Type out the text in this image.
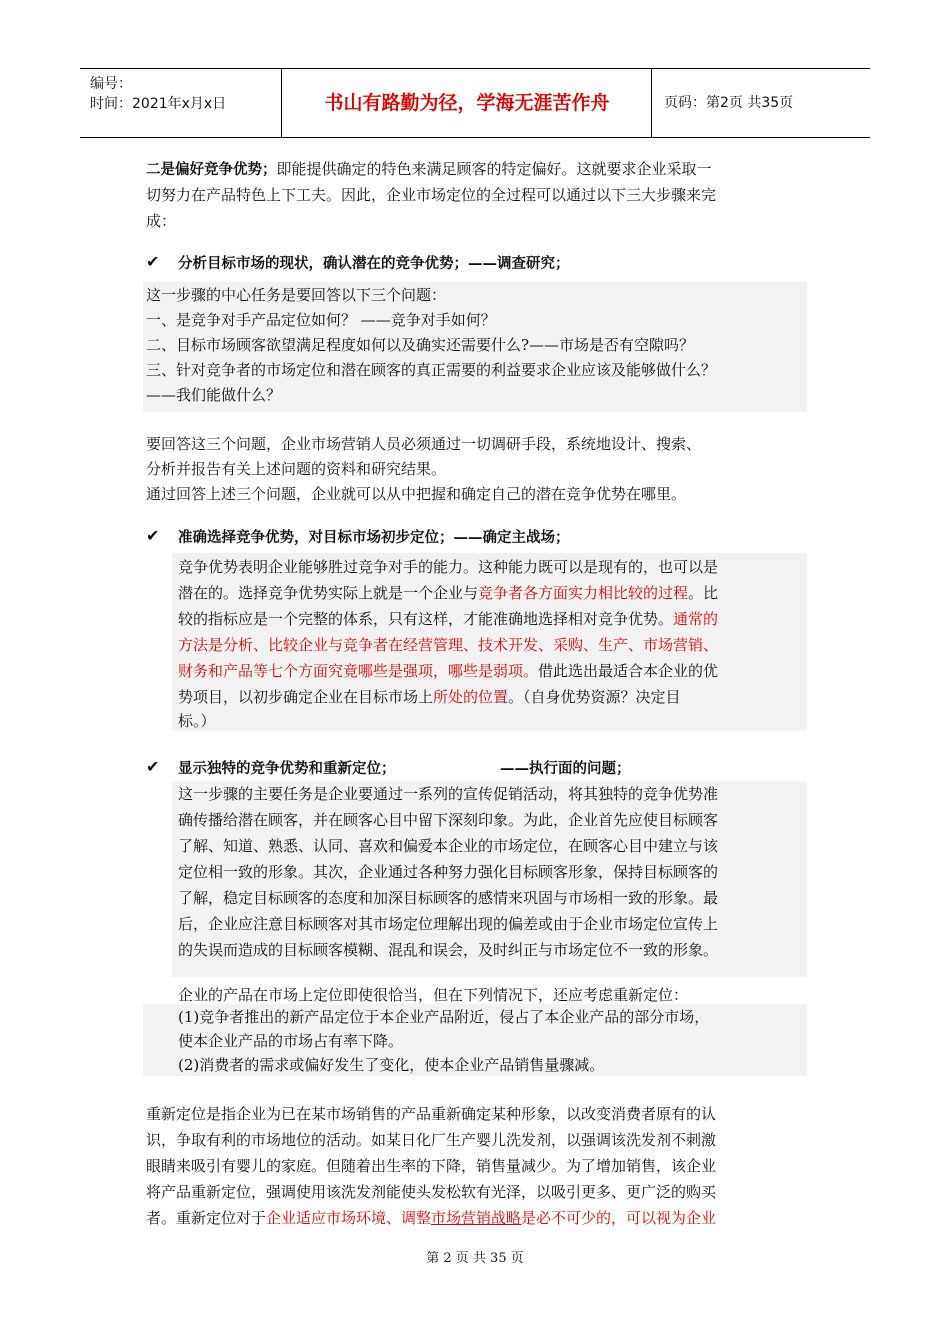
编号：
时间：2021年x月x日	书山有路勤为径，学海无涯苦作舟	页码：第2页 共35页
二是偏好竞争优势；即能提供确定的特色来满足顾客的特定偏好。这就要求企业采取一
切努力在产品特色上下工夫。因此，企业市场定位的全过程可以通过以下三大步骤来完
成：
✔ 分析目标市场的现状，确认潜在的竞争优势；——调查研究；
这一步骤的中心任务是要回答以下三个问题：
一、是竞争对手产品定位如何？ ——竞争对手如何？
二、目标市场顾客欲望满足程度如何以及确实还需要什么?——市场是否有空隙吗？
三、针对竞争者的市场定位和潜在顾客的真正需要的利益要求企业应该及能够做什么？
——我们能做什么？
要回答这三个问题，企业市场营销人员必须通过一切调研手段，系统地设计、搜索、
分析并报告有关上述问题的资料和研究结果。
通过回答上述三个问题，企业就可以从中把握和确定自己的潜在竞争优势在哪里。
✔ 准确选择竞争优势，对目标市场初步定位；——确定主战场；
竞争优势表明企业能够胜过竞争对手的能力。这种能力既可以是现有的，也可以是
潜在的。选择竞争优势实际上就是一个企业与竞争者各方面实力相比较的过程。比
较的指标应是一个完整的体系，只有这样，才能准确地选择相对竞争优势。通常的
方法是分析、比较企业与竞争者在经营管理、技术开发、采购、生产、市场营销、
财务和产品等七个方面究竟哪些是强项，哪些是弱项。借此选出最适合本企业的优
势项目，以初步确定企业在目标市场上所处的位置。（自身优势资源？决定目
标。）
✔ 显示独特的竞争优势和重新定位；	——执行面的问题；
这一步骤的主要任务是企业要通过一系列的宣传促销活动，将其独特的竞争优势准
确传播给潜在顾客，并在顾客心目中留下深刻印象。为此，企业首先应使目标顾客
了解、知道、熟悉、认同、喜欢和偏爱本企业的市场定位，在顾客心目中建立与该
定位相一致的形象。其次，企业通过各种努力强化目标顾客形象，保持目标顾客的
了解，稳定目标顾客的态度和加深目标顾客的感情来巩固与市场相一致的形象。最
后，企业应注意目标顾客对其市场定位理解出现的偏差或由于企业市场定位宣传上
的失误而造成的目标顾客模糊、混乱和误会，及时纠正与市场定位不一致的形象。
企业的产品在市场上定位即使很恰当，但在下列情况下，还应考虑重新定位：
(1)竞争者推出的新产品定位于本企业产品附近，侵占了本企业产品的部分市场，
使本企业产品的市场占有率下降。
(2)消费者的需求或偏好发生了变化，使本企业产品销售量骤减。
重新定位是指企业为已在某市场销售的产品重新确定某种形象，以改变消费者原有的认
识，争取有利的市场地位的活动。如某日化厂生产婴儿洗发剂，以强调该洗发剂不刺激
眼睛来吸引有婴儿的家庭。但随着出生率的下降，销售量减少。为了增加销售，该企业
将产品重新定位，强调使用该洗发剂能使头发松软有光泽，以吸引更多、更广泛的购买
者。重新定位对于企业适应市场环境、调整市场营销战略是必不可少的，可以视为企业
第 2 页 共 35 页
